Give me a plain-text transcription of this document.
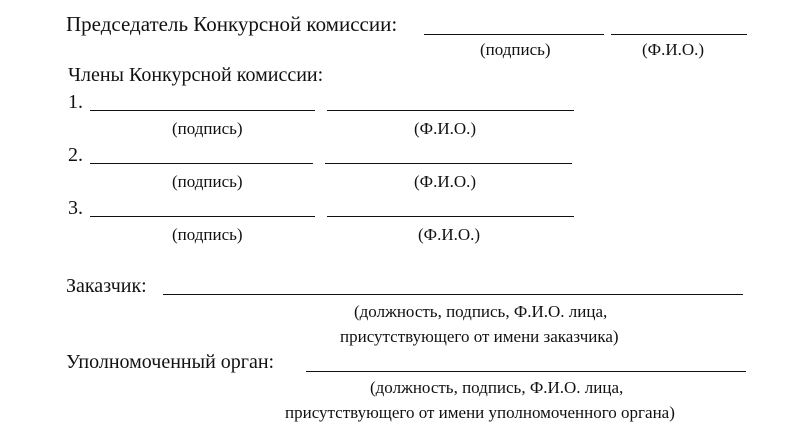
Председатель Конкурсной комиссии:
(подпись)	(Ф.И.О.)
Члены Конкурсной комиссии:
1.
(подпись)	(Ф.И.О.)
2.
(подпись)	(Ф.И.О.)
3.
(подпись)	(Ф.И.О.)
Заказчик:
(должность, подпись, Ф.И.О. лица,
присутствующего от имени заказчика)
Уполномоченный орган:
(должность, подпись, Ф.И.О. лица,
присутствующего от имени уполномоченного органа)
